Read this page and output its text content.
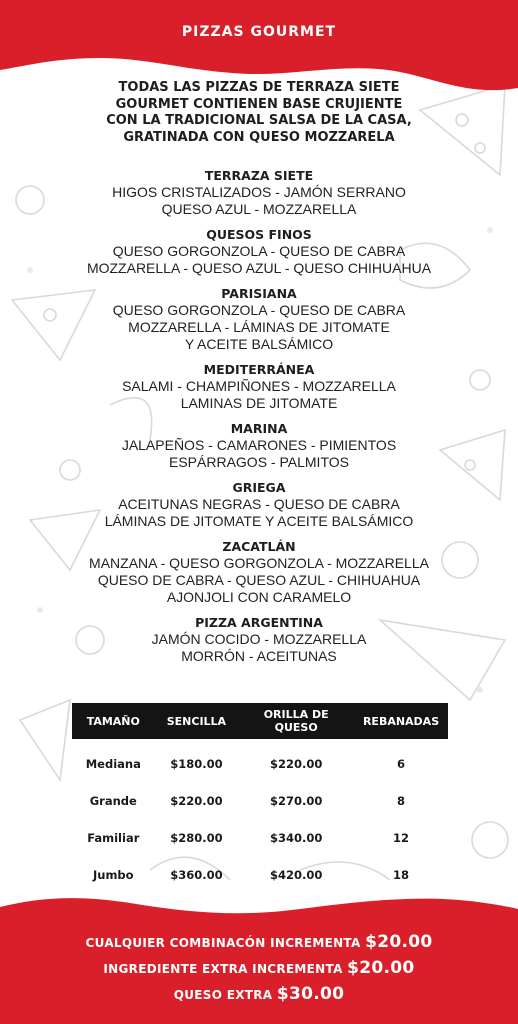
PIZZAS GOURMET
TODAS LAS PIZZAS DE TERRAZA SIETE
GOURMET CONTIENEN BASE CRUJIENTE
CON LA TRADICIONAL SALSA DE LA CASA,
GRATINADA CON QUESO MOZZARELA
TERRAZA SIETE
HIGOS CRISTALIZADOS - JAMÓN SERRANO
QUESO AZUL - MOZZARELLA
QUESOS FINOS
QUESO GORGONZOLA - QUESO DE CABRA
MOZZARELLA - QUESO AZUL - QUESO CHIHUAHUA
PARISIANA
QUESO GORGONZOLA - QUESO DE CABRA
MOZZARELLA - LÁMINAS DE JITOMATE
Y ACEITE BALSÁMICO
MEDITERRÁNEA
SALAMI - CHAMPIÑONES - MOZZARELLA
LAMINAS DE JITOMATE
MARINA
JALAPEÑOS - CAMARONES - PIMIENTOS
ESPÁRRAGOS - PALMITOS
GRIEGA
ACEITUNAS NEGRAS - QUESO DE CABRA
LÁMINAS DE JITOMATE Y ACEITE BALSÁMICO
ZACATLÁN
MANZANA - QUESO GORGONZOLA - MOZZARELLA
QUESO DE CABRA - QUESO AZUL - CHIHUAHUA
AJONJOLI CON CARAMELO
PIZZA ARGENTINA
JAMÓN COCIDO - MOZZARELLA
MORRÓN - ACEITUNAS
TAMAÑO	SENCILLA	ORILLA DE QUESO	REBANADAS
Mediana	$180.00	$220.00	6
Grande	$220.00	$270.00	8
Familiar	$280.00	$340.00	12
Jumbo	$360.00	$420.00	18
CUALQUIER COMBINACÓN INCREMENTA $20.00
INGREDIENTE EXTRA INCREMENTA $20.00
QUESO EXTRA $30.00
